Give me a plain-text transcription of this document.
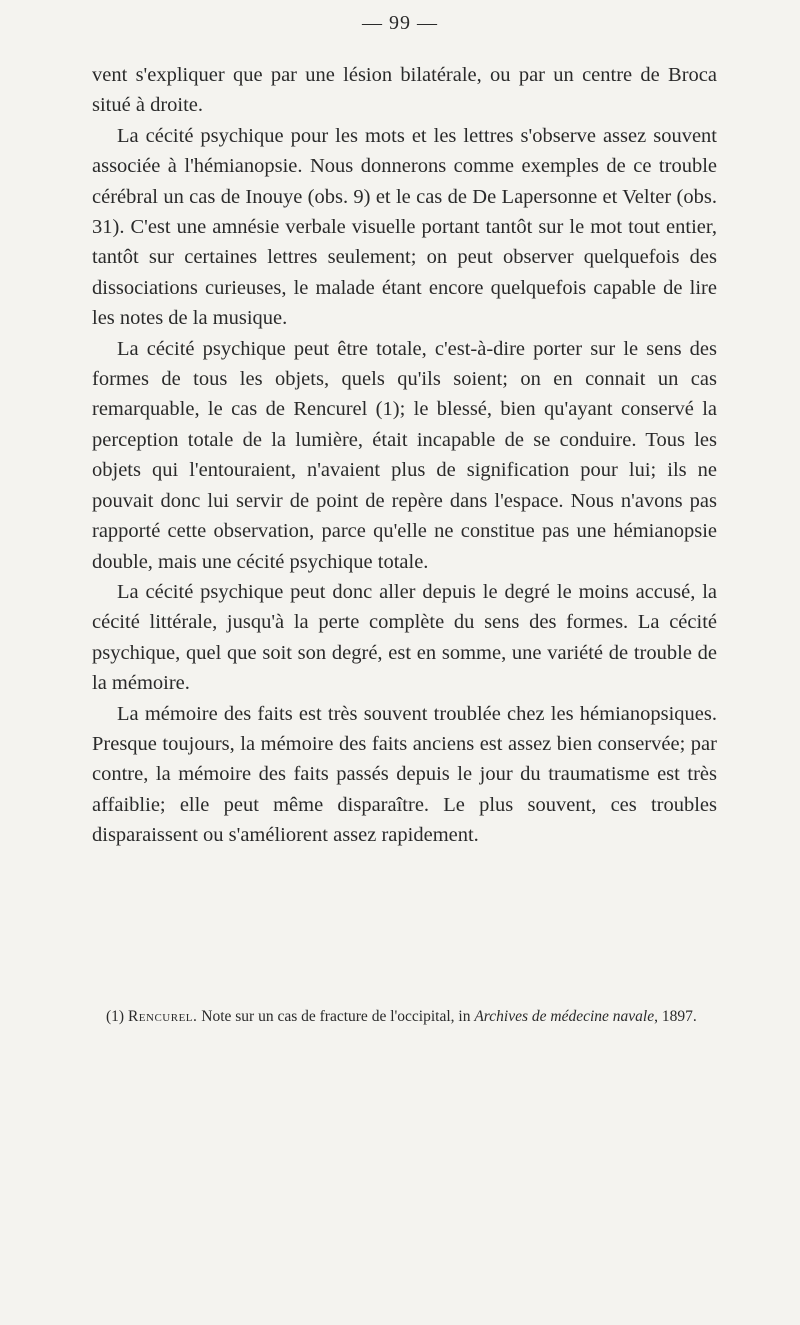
— 99 —

vent s'expliquer que par une lésion bilatérale, ou par un centre de Broca situé à droite.

La cécité psychique pour les mots et les lettres s'observe assez souvent associée à l'hémianopsie. Nous donnerons comme exemples de ce trouble cérébral un cas de Inouye (obs. 9) et le cas de De Lapersonne et Velter (obs. 31). C'est une amnésie verbale visuelle portant tantôt sur le mot tout entier, tantôt sur certaines lettres seulement; on peut observer quelquefois des dissociations curieuses, le malade étant encore quelquefois capable de lire les notes de la musique.

La cécité psychique peut être totale, c'est-à-dire porter sur le sens des formes de tous les objets, quels qu'ils soient; on en connait un cas remarquable, le cas de Rencurel (1); le blessé, bien qu'ayant conservé la perception totale de la lumière, était incapable de se conduire. Tous les objets qui l'entouraient, n'avaient plus de signification pour lui; ils ne pouvait donc lui servir de point de repère dans l'espace. Nous n'avons pas rapporté cette observation, parce qu'elle ne constitue pas une hémianopsie double, mais une cécité psychique totale.

La cécité psychique peut donc aller depuis le degré le moins accusé, la cécité littérale, jusqu'à la perte complète du sens des formes. La cécité psychique, quel que soit son degré, est en somme, une variété de trouble de la mémoire.

La mémoire des faits est très souvent troublée chez les hémianopsiques. Presque toujours, la mémoire des faits anciens est assez bien conservée; par contre, la mémoire des faits passés depuis le jour du traumatisme est très affaiblie; elle peut même disparaître. Le plus souvent, ces troubles disparaissent ou s'améliorent assez rapidement.

(1) Rencurel. Note sur un cas de fracture de l'occipital, in Archives de médecine navale, 1897.
